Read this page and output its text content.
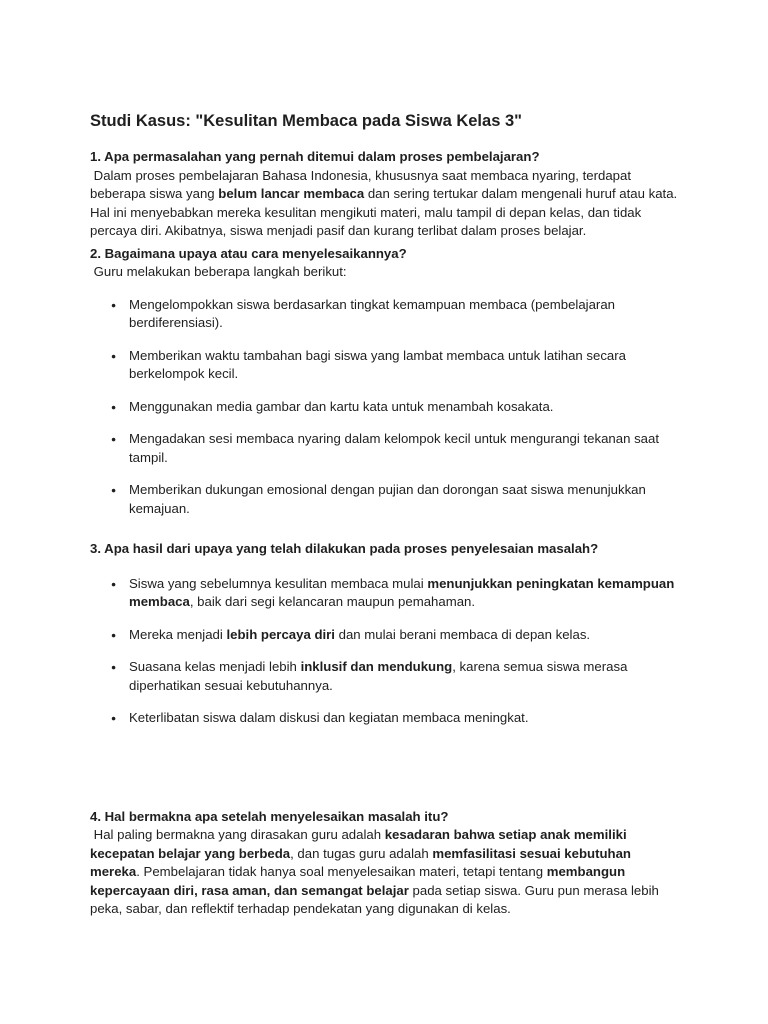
Studi Kasus: "Kesulitan Membaca pada Siswa Kelas 3"
1. Apa permasalahan yang pernah ditemui dalam proses pembelajaran?

Dalam proses pembelajaran Bahasa Indonesia, khususnya saat membaca nyaring, terdapat beberapa siswa yang belum lancar membaca dan sering tertukar dalam mengenali huruf atau kata. Hal ini menyebabkan mereka kesulitan mengikuti materi, malu tampil di depan kelas, dan tidak percaya diri. Akibatnya, siswa menjadi pasif dan kurang terlibat dalam proses belajar.

2. Bagaimana upaya atau cara menyelesaikannya?

Guru melakukan beberapa langkah berikut:

● Mengelompokkan siswa berdasarkan tingkat kemampuan membaca (pembelajaran berdiferensiasi).
● Memberikan waktu tambahan bagi siswa yang lambat membaca untuk latihan secara berkelompok kecil.
● Menggunakan media gambar dan kartu kata untuk menambah kosakata.
● Mengadakan sesi membaca nyaring dalam kelompok kecil untuk mengurangi tekanan saat tampil.
● Memberikan dukungan emosional dengan pujian dan dorongan saat siswa menunjukkan kemajuan.
3. Apa hasil dari upaya yang telah dilakukan pada proses penyelesaian masalah?
● Siswa yang sebelumnya kesulitan membaca mulai menunjukkan peningkatan kemampuan membaca, baik dari segi kelancaran maupun pemahaman.
● Mereka menjadi lebih percaya diri dan mulai berani membaca di depan kelas.
● Suasana kelas menjadi lebih inklusif dan mendukung, karena semua siswa merasa diperhatikan sesuai kebutuhannya.
● Keterlibatan siswa dalam diskusi dan kegiatan membaca meningkat.
4. Hal bermakna apa setelah menyelesaikan masalah itu?

Hal paling bermakna yang dirasakan guru adalah kesadaran bahwa setiap anak memiliki kecepatan belajar yang berbeda, dan tugas guru adalah memfasilitasi sesuai kebutuhan mereka. Pembelajaran tidak hanya soal menyelesaikan materi, tetapi tentang membangun kepercayaan diri, rasa aman, dan semangat belajar pada setiap siswa. Guru pun merasa lebih peka, sabar, dan reflektif terhadap pendekatan yang digunakan di kelas.
